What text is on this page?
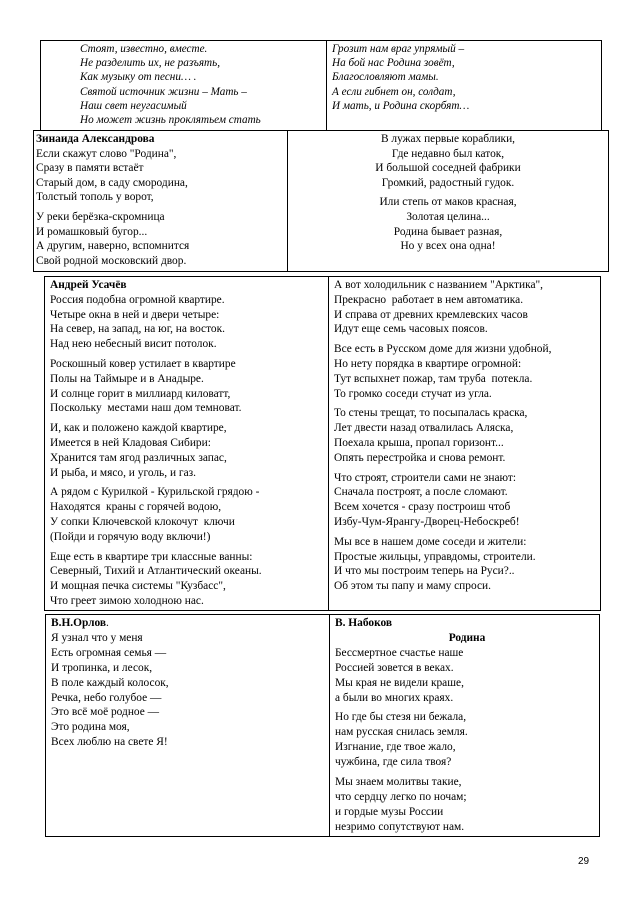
Стоят, известно, вместе.
Не разделить их, не разъять,
Как музыку от песни… .
Святой источник жизни – Мать –
Наш свет неугасимый
Но может жизнь проклятьем стать

Грозит нам враг упрямый –
На бой нас Родина зовёт,
Благословляют мамы.
А если гибнет он, солдат,
И мать, и Родина скорбят…
Зинаида Александрова
Если скажут слово "Родина",
Сразу в памяти встаёт
Старый дом, в саду смородина,
Толстый тополь у ворот,
У реки берёзка-скромница
И ромашковый бугор...
А другим, наверно, вспомнится
Свой родной московский двор.

В лужах первые кораблики,
Где недавно был каток,
И большой соседней фабрики
Громкий, радостный гудок.
Или степь от маков красная,
Золотая целина...
Родина бывает разная,
Но у всех она одна!
Андрей Усачёв
Россия подобна огромной квартире.
Четыре окна в ней и двери четыре:
На север, на запад, на юг, на восток.
Над нею небесный висит потолок.
Роскошный ковер устилает в квартире
Полы на Таймыре и в Анадыре.
И солнце горит в миллиард киловатт,
Поскольку  местами наш дом темноват.
И, как и положено каждой квартире,
Имеется в ней Кладовая Сибири:
Хранится там ягод различных запас,
И рыба, и мясо, и уголь, и газ.
А рядом с Курилкой - Курильской грядою -
Находятся  краны с горячей водою,
У сопки Ключевской клокочут  ключи
(Пойди и горячую воду включи!)
Еще есть в квартире три классные ванны:
Северный, Тихий и Атлантический океаны.
И мощная печка системы "Кузбасс",
Что греет зимою холодною нас.

А вот холодильник с названием "Арктика",
Прекрасно  работает в нем автоматика.
И справа от древних кремлевских часов
Идут еще семь часовых поясов.
Все есть в Русском доме для жизни удобной,
Но нету порядка в квартире огромной:
Тут вспыхнет пожар, там труба  потекла.
То громко соседи стучат из угла.
То стены трещат, то посыпалась краска,
Лет двести назад отвалилась Аляска,
Поехала крыша, пропал горизонт...
Опять перестройка и снова ремонт.
Что строят, строители сами не знают:
Сначала построят, а после сломают.
Всем хочется - сразу построиш чтоб
Избу-Чум-Ярангу-Дворец-Небоскреб!
Мы все в нашем доме соседи и жители:
Простые жильцы, управдомы, строители.
И что мы построим теперь на Руси?..
Об этом ты папу и маму спроси.
В.Н.Орлов.
Я узнал что у меня
Есть огромная семья —
И тропинка, и лесок,
В поле каждый колосок,
Речка, небо голубое —
Это всё моё родное —
Это родина моя,
Всех люблю на свете Я!

В. Набоков
Родина
Бессмертное счастье наше
Россией зовется в веках.
Мы края не видели краше,
а были во многих краях.
Но где бы стезя ни бежала,
нам русская снилась земля.
Изгнание, где твое жало,
чужбина, где сила твоя?
Мы знаем молитвы такие,
что сердцу легко по ночам;
и гордые музы России
незримо сопутствуют нам.
29
